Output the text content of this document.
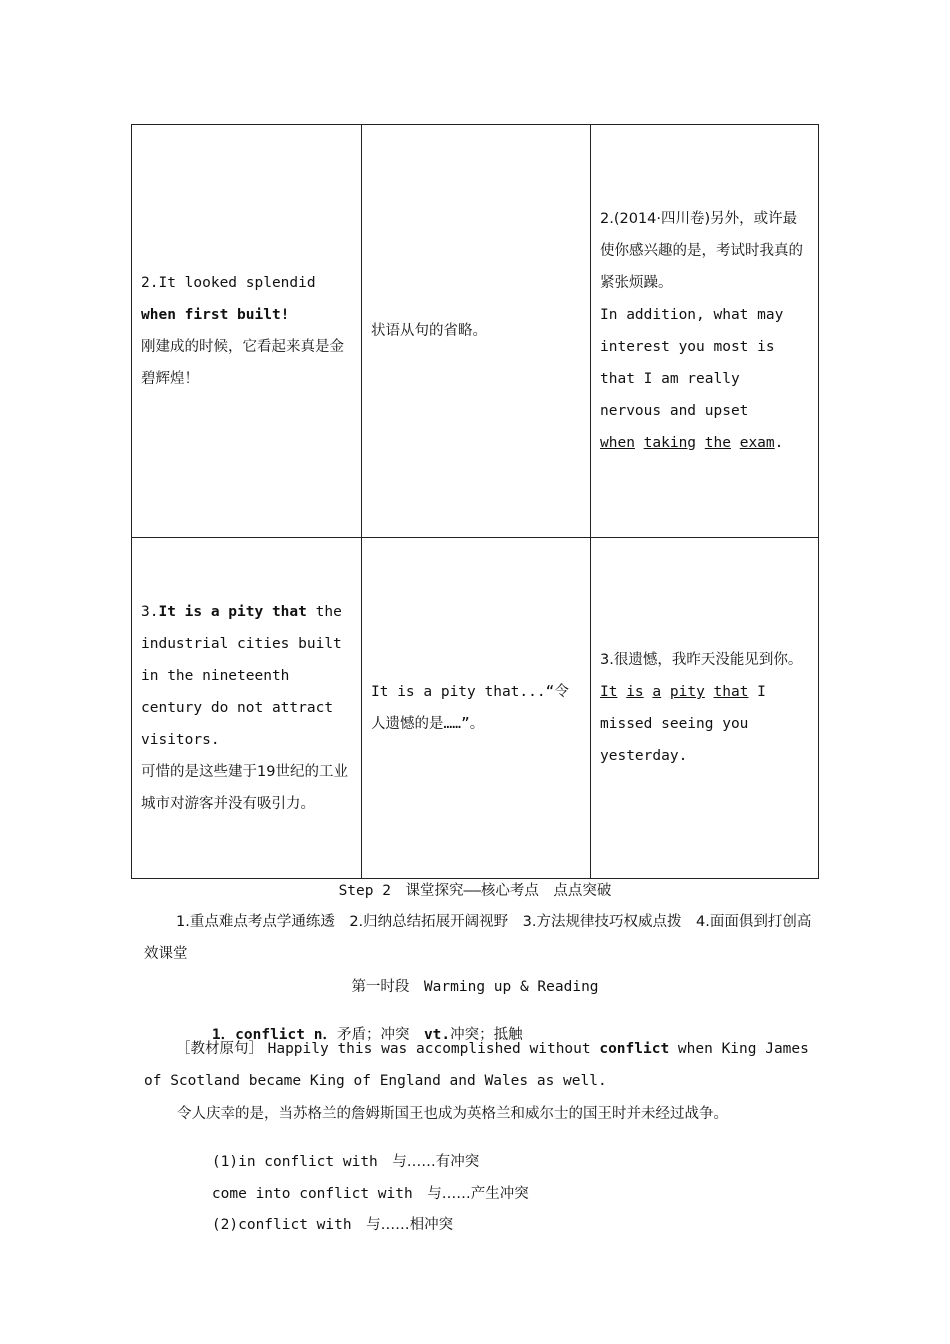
2.It looked splendid when first built!
刚建成的时候，它看起来真是金碧辉煌！	状语从句的省略。	2.(2014·四川卷)另外，或许最使你感兴趣的是，考试时我真的紧张烦躁。
In addition, what may interest you most is that I am really nervous and upset
when taking the exam.
3.It is a pity that the industrial cities built in the nineteenth century do not attract visitors.
可惜的是这些建于19世纪的工业城市对游客并没有吸引力。	It is a pity that...“令人遗憾的是……”。	3.很遗憾，我昨天没能见到你。
It is a pity that I missed seeing you yesterday.
Step 2　课堂探究——核心考点　点点突破
1.重点难点考点学通练透　2.归纳总结拓展开阔视野　3.方法规律技巧权威点拨　4.面面俱到打创高效课堂
第一时段　Warming up & Reading

1．conflict n．矛盾；冲突　vt.冲突；抵触

［教材原句］ Happily this was accomplished without conflict when King James of Scotland became King of England and Wales as well.
令人庆幸的是，当苏格兰的詹姆斯国王也成为英格兰和威尔士的国王时并未经过战争。

(1)in conflict with　与……有冲突

come into conflict with　与……产生冲突

(2)conflict with　与……相冲突
